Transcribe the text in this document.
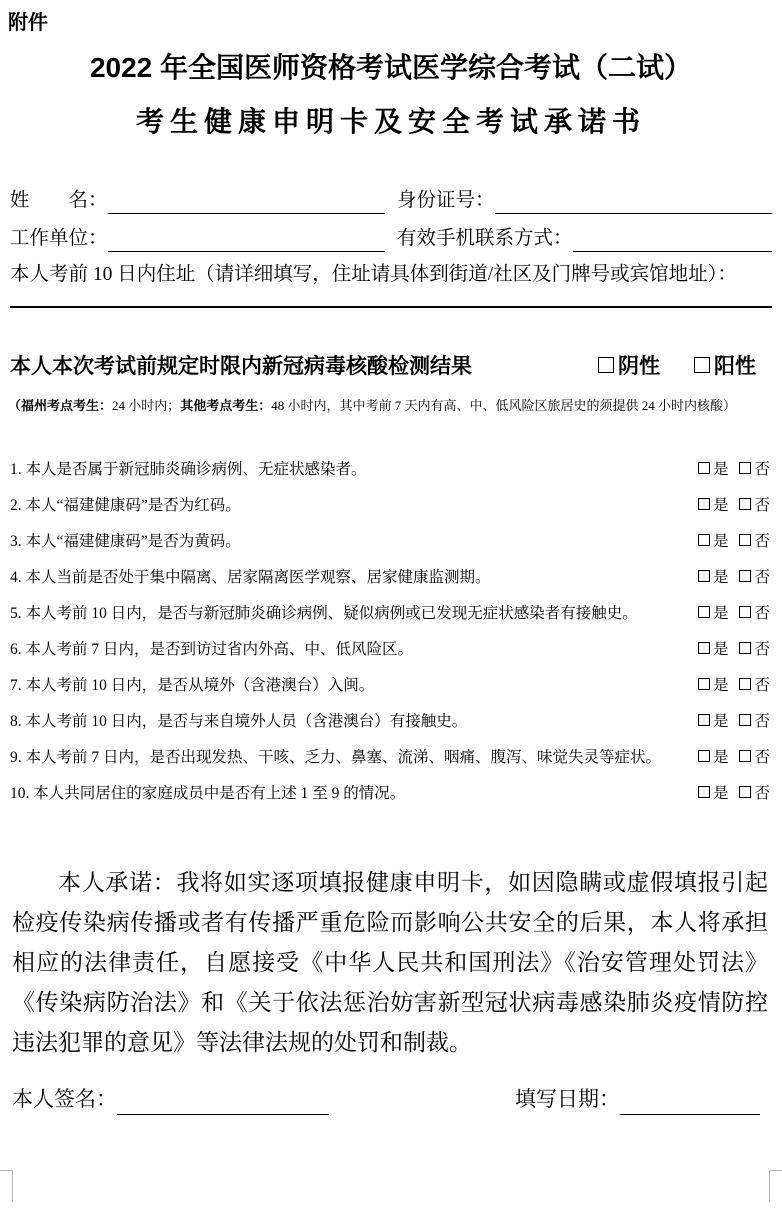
附件
2022 年全国医师资格考试医学综合考试（二试）
考生健康申明卡及安全考试承诺书
姓　　名：	身份证号：
工作单位：	有效手机联系方式：
本人考前 10 日内住址（请详细填写，住址请具体到街道/社区及门牌号或宾馆地址）：
本人本次考试前规定时限内新冠病毒核酸检测结果	阴性	阳性
（福州考点考生：24 小时内；其他考点考生：48 小时内，其中考前 7 天内有高、中、低风险区旅居史的须提供 24 小时内核酸）
1. 本人是否属于新冠肺炎确诊病例、无症状感染者。	是 否
2. 本人“福建健康码”是否为红码。	是 否
3. 本人“福建健康码”是否为黄码。	是 否
4. 本人当前是否处于集中隔离、居家隔离医学观察、居家健康监测期。	是 否
5. 本人考前 10 日内，是否与新冠肺炎确诊病例、疑似病例或已发现无症状感染者有接触史。	是 否
6. 本人考前 7 日内，是否到访过省内外高、中、低风险区。	是 否
7. 本人考前 10 日内，是否从境外（含港澳台）入闽。	是 否
8. 本人考前 10 日内，是否与来自境外人员（含港澳台）有接触史。	是 否
9. 本人考前 7 日内，是否出现发热、干咳、乏力、鼻塞、流涕、咽痛、腹泻、味觉失灵等症状。	是 否
10. 本人共同居住的家庭成员中是否有上述 1 至 9 的情况。	是 否
本人承诺：我将如实逐项填报健康申明卡，如因隐瞒或虚假填报引起检疫传染病传播或者有传播严重危险而影响公共安全的后果，本人将承担相应的法律责任，自愿接受《中华人民共和国刑法》《治安管理处罚法》《传染病防治法》和《关于依法惩治妨害新型冠状病毒感染肺炎疫情防控违法犯罪的意见》等法律法规的处罚和制裁。
本人签名：	填写日期：
